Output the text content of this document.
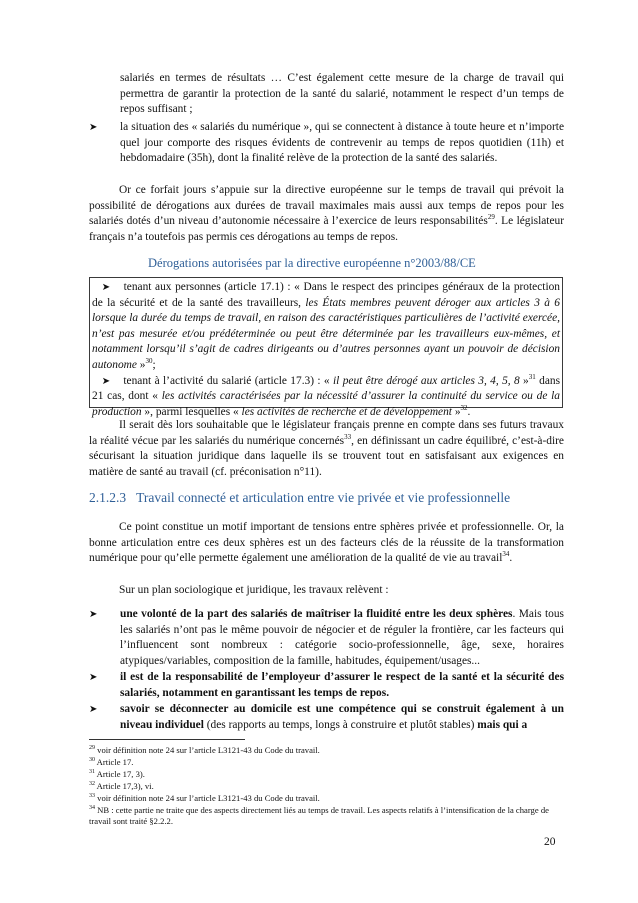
salariés en termes de résultats … C’est également cette mesure de la charge de travail qui permettra de garantir la protection de la santé du salarié, notamment le respect d’un temps de repos suffisant ;

➤ la situation des « salariés du numérique », qui se connectent à distance à toute heure et n’importe quel jour comporte des risques évidents de contrevenir au temps de repos quotidien (11h) et hebdomadaire (35h), dont la finalité relève de la protection de la santé des salariés.

Or ce forfait jours s’appuie sur la directive européenne sur le temps de travail qui prévoit la possibilité de dérogations aux durées de travail maximales mais aussi aux temps de repos pour les salariés dotés d’un niveau d’autonomie nécessaire à l’exercice de leurs responsabilités$^{29}$. Le législateur français n’a toutefois pas permis ces dérogations au temps de repos.

Dérogations autorisées par la directive européenne n°2003/88/CE
➤ tenant aux personnes (article 17.1) : « Dans le respect des principes généraux de la protection de la sécurité et de la santé des travailleurs, les États membres peuvent déroger aux articles 3 à 6 lorsque la durée du temps de travail, en raison des caractéristiques particulières de l’activité exercée, n’est pas mesurée et/ou prédéterminée ou peut être déterminée par les travailleurs eux-mêmes, et notamment lorsqu’il s’agit de cadres dirigeants ou d’autres personnes ayant un pouvoir de décision autonome »$^{30}$;
➤ tenant à l’activité du salarié (article 17.3) : « il peut être dérogé aux articles 3, 4, 5, 8 »$^{31}$ dans 21 cas, dont « les activités caractérisées par la nécessité d’assurer la continuité du service ou de la production », parmi lesquelles « les activités de recherche et de développement »$^{32}$.

Il serait dès lors souhaitable que le législateur français prenne en compte dans ses futurs travaux la réalité vécue par les salariés du numérique concernés$^{33}$, en définissant un cadre équilibré, c’est-à-dire sécurisant la situation juridique dans laquelle ils se trouvent tout en satisfaisant aux exigences en matière de santé au travail (cf. préconisation n°11).

2.1.2.3 Travail connecté et articulation entre vie privée et vie professionnelle

Ce point constitue un motif important de tensions entre sphères privée et professionnelle. Or, la bonne articulation entre ces deux sphères est un des facteurs clés de la réussite de la transformation numérique pour qu’elle permette également une amélioration de la qualité de vie au travail$^{34}$.

Sur un plan sociologique et juridique, les travaux relèvent :

➤ une volonté de la part des salariés de maîtriser la fluidité entre les deux sphères. Mais tous les salariés n’ont pas le même pouvoir de négocier et de réguler la frontière, car les facteurs qui l’influencent sont nombreux : catégorie socio-professionnelle, âge, sexe, horaires atypiques/variables, composition de la famille, habitudes, équipement/usages...
➤ il est de la responsabilité de l’employeur d’assurer le respect de la santé et la sécurité des salariés, notamment en garantissant les temps de repos.
➤ savoir se déconnecter au domicile est une compétence qui se construit également à un niveau individuel (des rapports au temps, longs à construire et plutôt stables) mais qui a
$^{29}$ voir définition note 24 sur l’article L3121-43 du Code du travail.
$^{30}$ Article 17.
$^{31}$ Article 17, 3).
$^{32}$ Article 17,3), vi.
$^{33}$ voir définition note 24 sur l’article L3121-43 du Code du travail.
$^{34}$ NB : cette partie ne traite que des aspects directement liés au temps de travail. Les aspects relatifs à l’intensification de la charge de travail sont traité §2.2.2.
20
